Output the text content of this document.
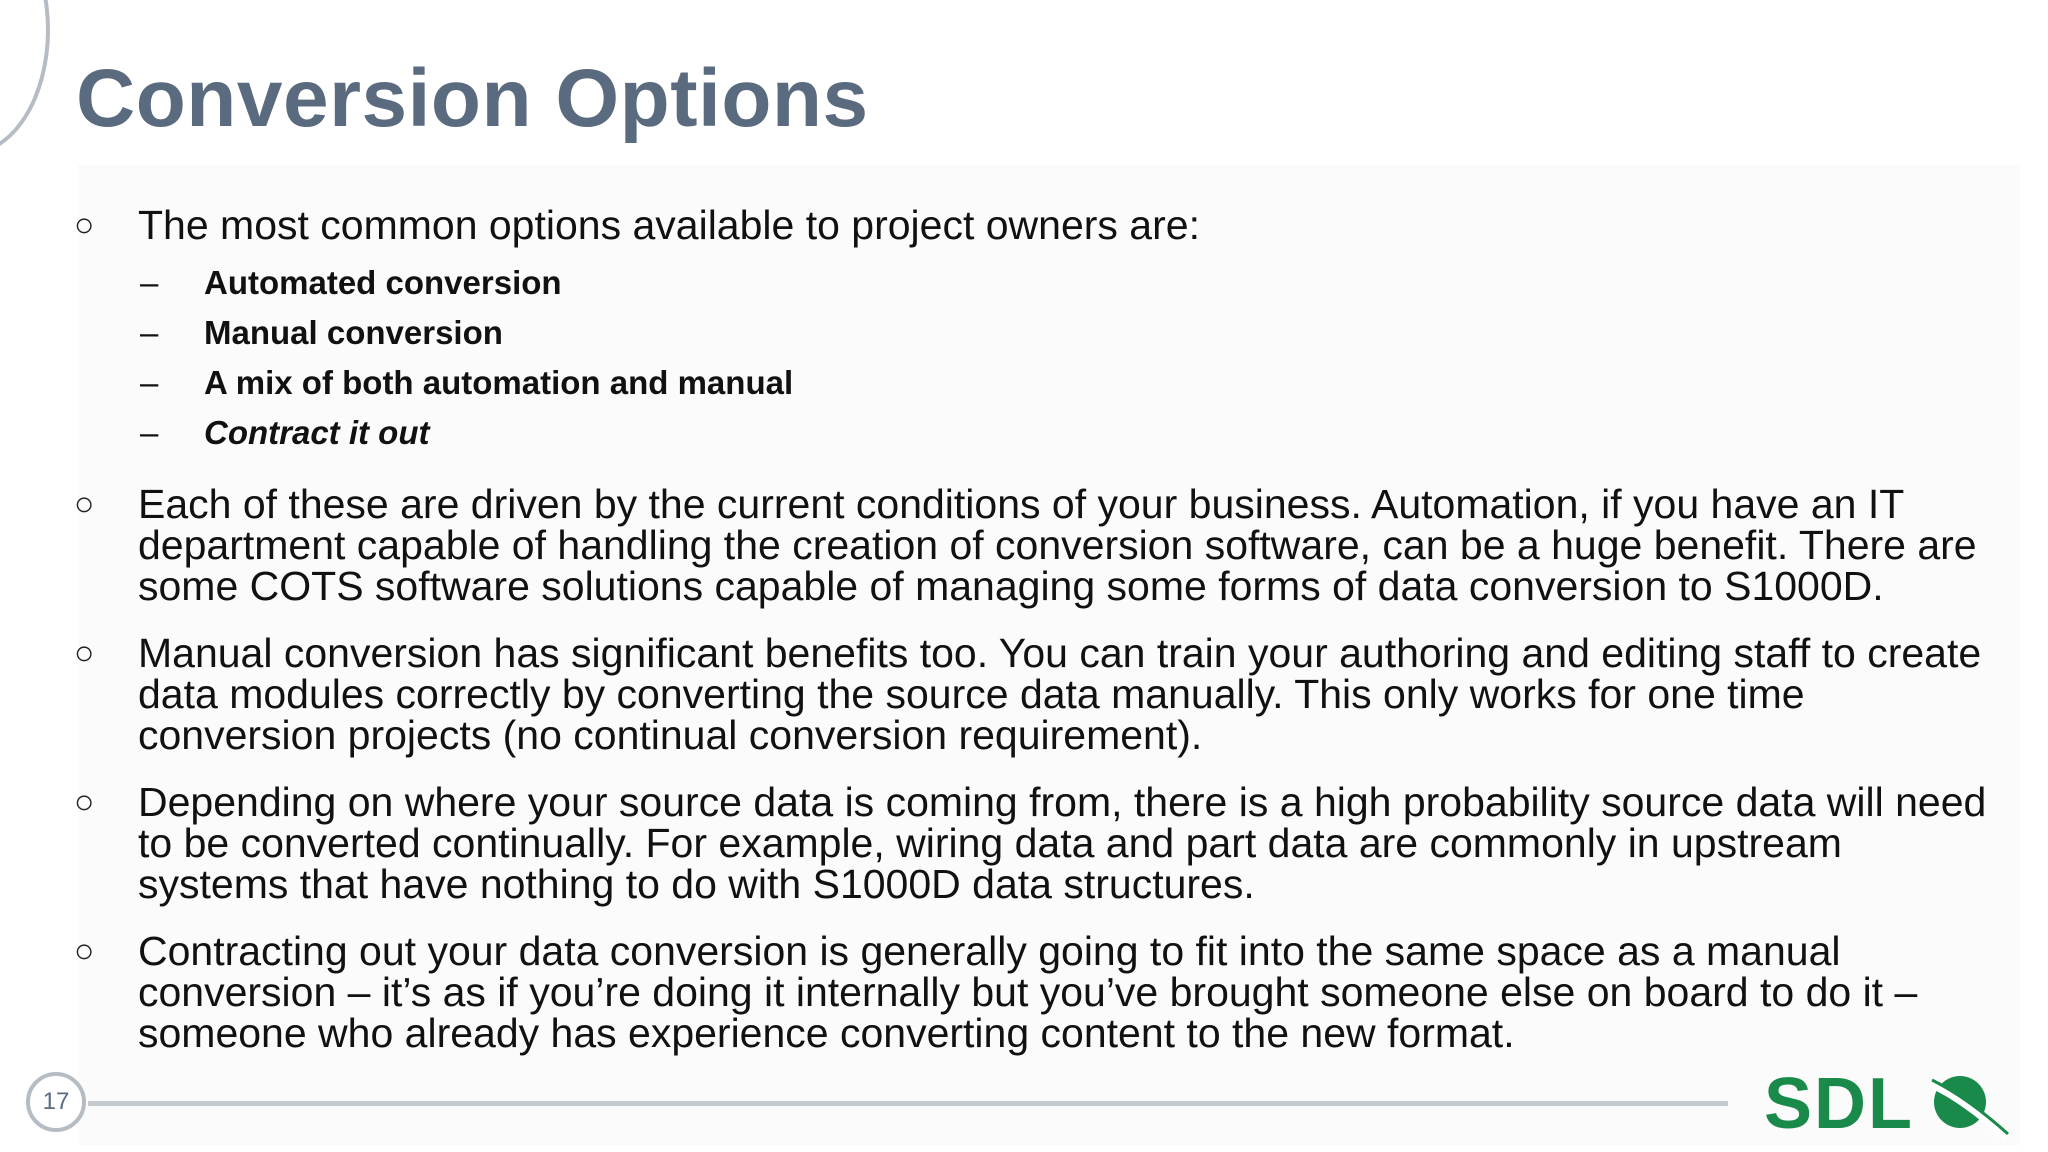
Conversion Options
○ The most common options available to project owners are:
– Automated conversion
– Manual conversion
– A mix of both automation and manual
– Contract it out
○ Each of these are driven by the current conditions of your business. Automation, if you have an IT department capable of handling the creation of conversion software, can be a huge benefit. There are some COTS software solutions capable of managing some forms of data conversion to S1000D.
○ Manual conversion has significant benefits too. You can train your authoring and editing staff to create data modules correctly by converting the source data manually. This only works for one time conversion projects (no continual conversion requirement).
○ Depending on where your source data is coming from, there is a high probability source data will need to be converted continually. For example, wiring data and part data are commonly in upstream systems that have nothing to do with S1000D data structures.
○ Contracting out your data conversion is generally going to fit into the same space as a manual conversion – it’s as if you’re doing it internally but you’ve brought someone else on board to do it – someone who already has experience converting content to the new format.
17	SDL
